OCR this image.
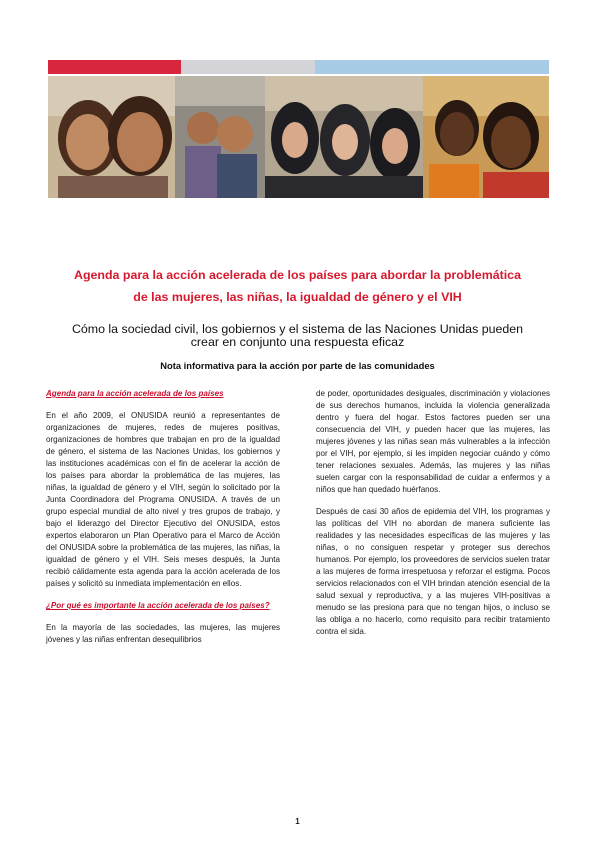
Agenda para la acción acelerada de los países para abordar la problemática
de las mujeres, las niñas, la igualdad de género y el VIH
Cómo la sociedad civil, los gobiernos y el sistema de las Naciones Unidas pueden
crear en conjunto una respuesta eficaz
Nota informativa para la acción por parte de las comunidades
Agenda para la acción acelerada de los países

En el año 2009, el ONUSIDA reunió a representantes de organizaciones de mujeres, redes de mujeres positivas, organizaciones de hombres que trabajan en pro de la igualdad de género, el sistema de las Naciones Unidas, los gobiernos y las instituciones académicas con el fin de acelerar la acción de los países para abordar la problemática de las mujeres, las niñas, la igualdad de género y el VIH, según lo solicitado por la Junta Coordinadora del Programa ONUSIDA. A través de un grupo especial mundial de alto nivel y tres grupos de trabajo, y bajo el liderazgo del Director Ejecutivo del ONUSIDA, estos expertos elaboraron un Plan Operativo para el Marco de Acción del ONUSIDA sobre la problemática de las mujeres, las niñas, la igualdad de género y el VIH. Seis meses después, la Junta recibió cálidamente esta agenda para la acción acelerada de los países y solicitó su inmediata implementación en ellos.

¿Por qué es importante la acción acelerada de los países?

En la mayoría de las sociedades, las mujeres, las mujeres jóvenes y las niñas enfrentan desequilibrios

de poder, oportunidades desiguales, discriminación y violaciones de sus derechos humanos, incluida la violencia generalizada dentro y fuera del hogar. Estos factores pueden ser una consecuencia del VIH, y pueden hacer que las mujeres, las mujeres jóvenes y las niñas sean más vulnerables a la infección por el VIH, por ejemplo, si les impiden negociar cuándo y cómo tener relaciones sexuales. Además, las mujeres y las niñas suelen cargar con la responsabilidad de cuidar a enfermos y a niños que han quedado huérfanos.

Después de casi 30 años de epidemia del VIH, los programas y las políticas del VIH no abordan de manera suficiente las realidades y las necesidades específicas de las mujeres y las niñas, o no consiguen respetar y proteger sus derechos humanos. Por ejemplo, los proveedores de servicios suelen tratar a las mujeres de forma irrespetuosa y reforzar el estigma. Pocos servicios relacionados con el VIH brindan atención esencial de la salud sexual y reproductiva, y a las mujeres VIH-positivas a menudo se las presiona para que no tengan hijos, o incluso se las obliga a no hacerlo, como requisito para recibir tratamiento contra el sida.

1
